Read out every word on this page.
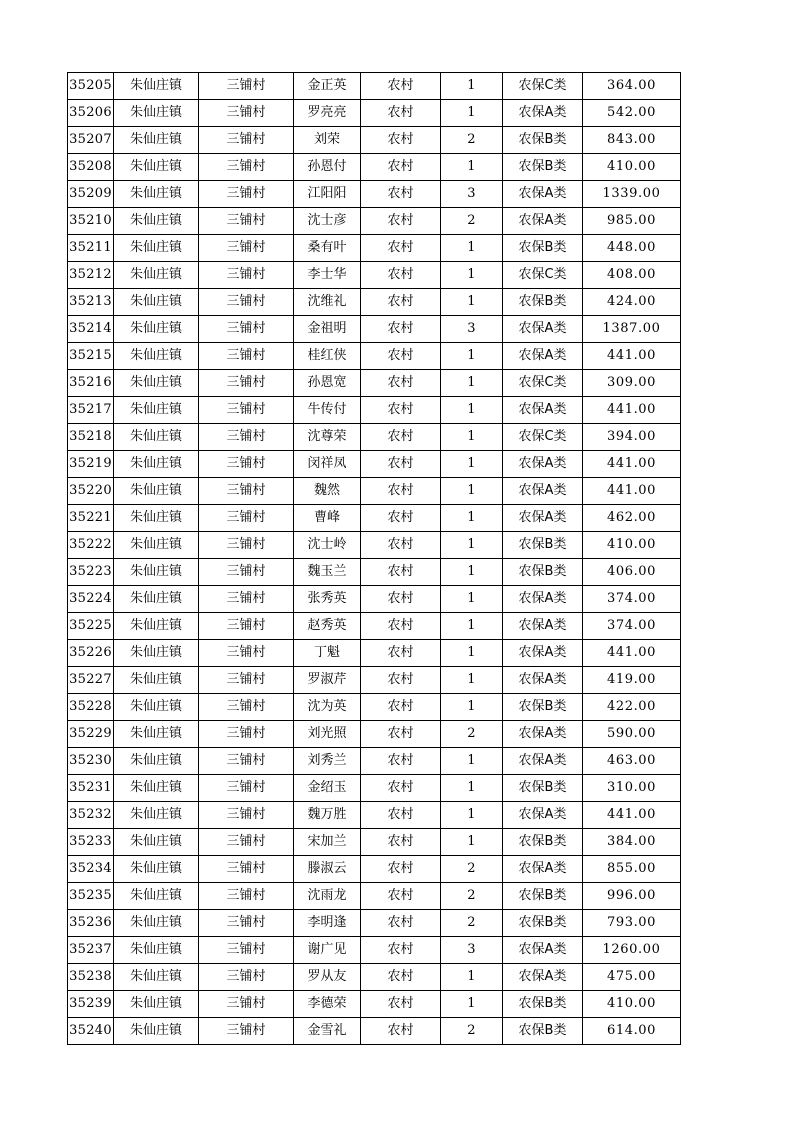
35205	朱仙庄镇	三铺村	金正英	农村	1	农保C类	364.00
35206	朱仙庄镇	三铺村	罗亮亮	农村	1	农保A类	542.00
35207	朱仙庄镇	三铺村	刘荣	农村	2	农保B类	843.00
35208	朱仙庄镇	三铺村	孙恩付	农村	1	农保B类	410.00
35209	朱仙庄镇	三铺村	江阳阳	农村	3	农保A类	1339.00
35210	朱仙庄镇	三铺村	沈士彦	农村	2	农保A类	985.00
35211	朱仙庄镇	三铺村	桑有叶	农村	1	农保B类	448.00
35212	朱仙庄镇	三铺村	李士华	农村	1	农保C类	408.00
35213	朱仙庄镇	三铺村	沈维礼	农村	1	农保B类	424.00
35214	朱仙庄镇	三铺村	金祖明	农村	3	农保A类	1387.00
35215	朱仙庄镇	三铺村	桂红侠	农村	1	农保A类	441.00
35216	朱仙庄镇	三铺村	孙恩宽	农村	1	农保C类	309.00
35217	朱仙庄镇	三铺村	牛传付	农村	1	农保A类	441.00
35218	朱仙庄镇	三铺村	沈尊荣	农村	1	农保C类	394.00
35219	朱仙庄镇	三铺村	闵祥凤	农村	1	农保A类	441.00
35220	朱仙庄镇	三铺村	魏然	农村	1	农保A类	441.00
35221	朱仙庄镇	三铺村	曹峰	农村	1	农保A类	462.00
35222	朱仙庄镇	三铺村	沈士岭	农村	1	农保B类	410.00
35223	朱仙庄镇	三铺村	魏玉兰	农村	1	农保B类	406.00
35224	朱仙庄镇	三铺村	张秀英	农村	1	农保A类	374.00
35225	朱仙庄镇	三铺村	赵秀英	农村	1	农保A类	374.00
35226	朱仙庄镇	三铺村	丁魁	农村	1	农保A类	441.00
35227	朱仙庄镇	三铺村	罗淑芹	农村	1	农保A类	419.00
35228	朱仙庄镇	三铺村	沈为英	农村	1	农保B类	422.00
35229	朱仙庄镇	三铺村	刘光照	农村	2	农保A类	590.00
35230	朱仙庄镇	三铺村	刘秀兰	农村	1	农保A类	463.00
35231	朱仙庄镇	三铺村	金绍玉	农村	1	农保B类	310.00
35232	朱仙庄镇	三铺村	魏万胜	农村	1	农保A类	441.00
35233	朱仙庄镇	三铺村	宋加兰	农村	1	农保B类	384.00
35234	朱仙庄镇	三铺村	滕淑云	农村	2	农保A类	855.00
35235	朱仙庄镇	三铺村	沈雨龙	农村	2	农保B类	996.00
35236	朱仙庄镇	三铺村	李明逢	农村	2	农保B类	793.00
35237	朱仙庄镇	三铺村	谢广见	农村	3	农保A类	1260.00
35238	朱仙庄镇	三铺村	罗从友	农村	1	农保A类	475.00
35239	朱仙庄镇	三铺村	李德荣	农村	1	农保B类	410.00
35240	朱仙庄镇	三铺村	金雪礼	农村	2	农保B类	614.00
